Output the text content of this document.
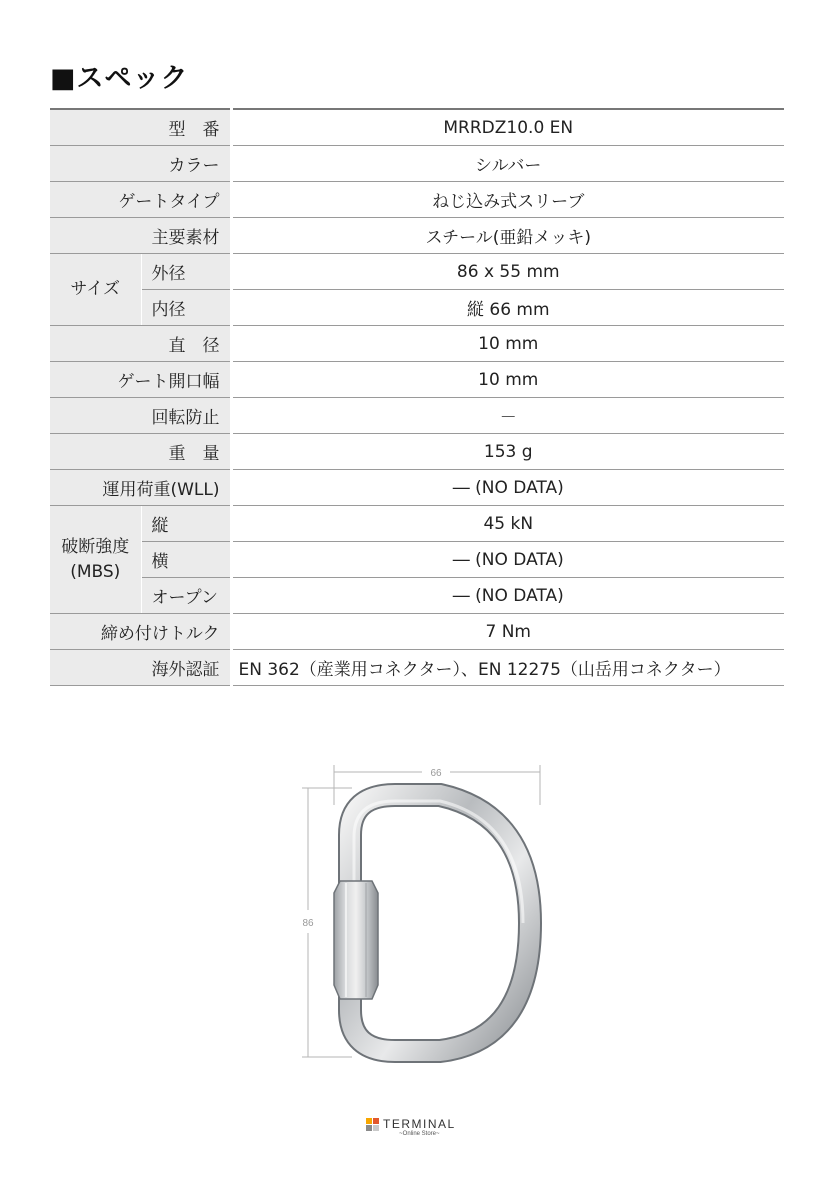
■スペック
型　番		MRRDZ10.0 EN
カラー		シルバー
ゲートタイプ		ねじ込み式スリーブ
主要素材		スチール(亜鉛メッキ)
サイズ	外径	86 x 55 mm
	内径	縦 66 mm
直　径		10 mm
ゲート開口幅		10 mm
回転防止		－
重　量		153 g
運用荷重(WLL)		― (NO DATA)

破断強度
(MBS)	縦	45 kN
	横	― (NO DATA)
	オープン	― (NO DATA)
締め付けトルク		7 Nm
海外認証		EN 362（産業用コネクター）、EN 12275（山岳用コネクター）
66
86
TERMINAL
~Online Store~
